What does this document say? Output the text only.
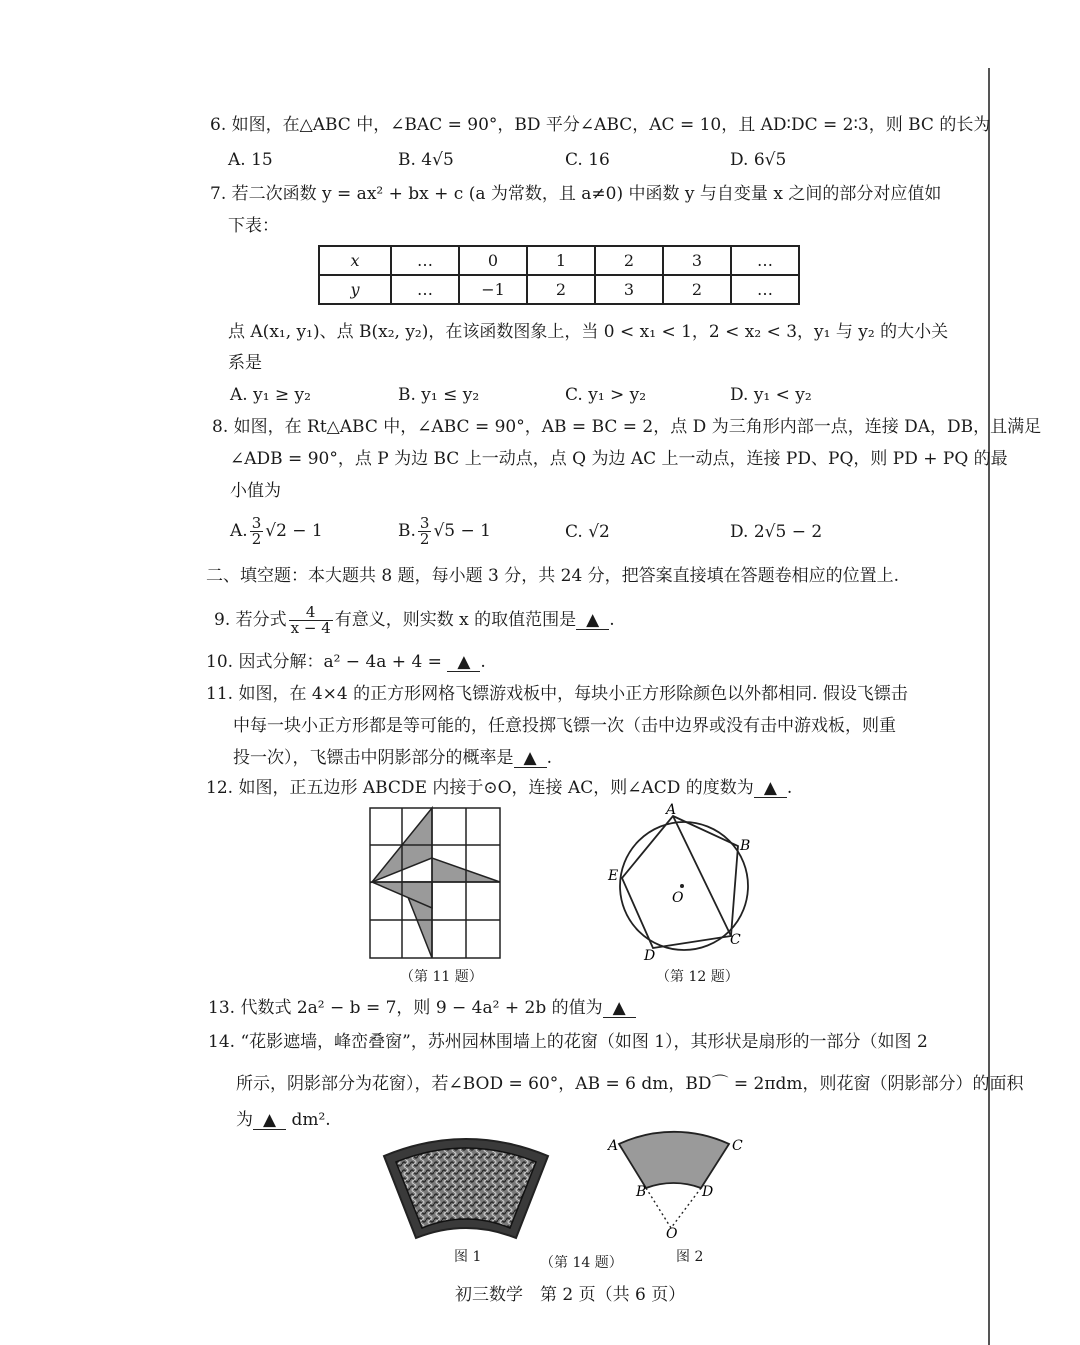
6. 如图，在△ABC 中，∠BAC = 90°，BD 平分∠ABC，AC = 10，且 AD∶DC = 2∶3，则 BC 的长为
A. 15	B. 4√5	C. 16	D. 6√5
7. 若二次函数 y = ax² + bx + c (a 为常数，且 a≠0) 中函数 y 与自变量 x 之间的部分对应值如
下表：
x	…	0	1	2	3	…
y	…	−1	2	3	2	…
点 A(x₁, y₁)、点 B(x₂, y₂)，在该函数图象上，当 0 < x₁ < 1，2 < x₂ < 3，y₁ 与 y₂ 的大小关
系是
A. y₁ ≥ y₂	B. y₁ ≤ y₂	C. y₁ > y₂	D. y₁ < y₂
8. 如图，在 Rt△ABC 中，∠ABC = 90°，AB = BC = 2，点 D 为三角形内部一点，连接 DA，DB，且满足
∠ADB = 90°，点 P 为边 BC 上一动点，点 Q 为边 AC 上一动点，连接 PD、PQ，则 PD + PQ 的最
小值为
A. $\frac{3}{2} √2 - 1$	B. $\frac{3}{2} √5 - 1$	C. √2	D. 2√5 − 2
二、填空题：本大题共 8 题，每小题 3 分，共 24 分，把答案直接填在答题卷相应的位置上.
9. 若分式 $\frac{4}{x - 4}$ 有意义，则实数 x 的取值范围是 ▲ .
10. 因式分解：a² − 4a + 4 = ▲ .
11. 如图，在 4×4 的正方形网格飞镖游戏板中，每块小正方形除颜色以外都相同. 假设飞镖击
中每一块小正方形都是等可能的，任意投掷飞镖一次（击中边界或没有击中游戏板，则重
投一次），飞镖击中阴影部分的概率是 ▲ .
12. 如图，正五边形 ABCDE 内接于⊙O，连接 AC，则∠ACD 的度数为 ▲ .
（第 11 题）
A
B
C
D
E
O
（第 12 题）
13. 代数式 2a² − b = 7，则 9 − 4a² + 2b 的值为 ▲
14. “花影遮墙，峰峦叠窗”，苏州园林围墙上的花窗（如图 1），其形状是扇形的一部分（如图 2
所示，阴影部分为花窗），若∠BOD = 60°，AB = 6 dm，BD⌒ = 2πdm，则花窗（阴影部分）的面积
为 ▲ dm².
A	C
B	D
O
图 1	（第 14 题）	图 2
初三数学　第 2 页（共 6 页）
